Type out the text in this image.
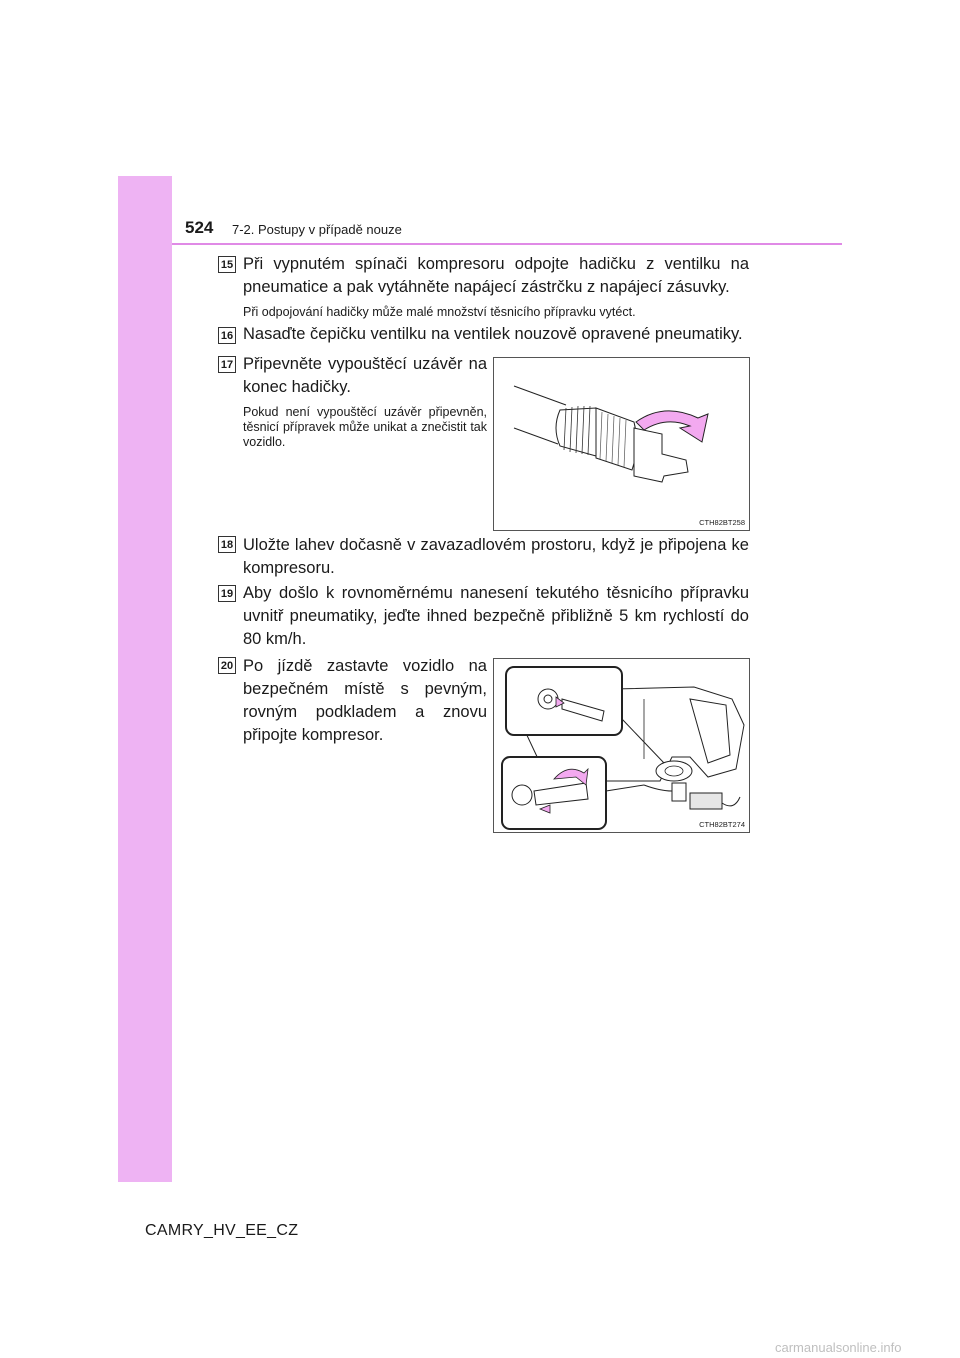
524 7-2. Postupy v případě nouze
15 Při vypnutém spínači kompresoru odpojte hadičku z ventilku na pneumatice a pak vytáhněte napájecí zástrčku z napájecí zásuvky.
Při odpojování hadičky může malé množství těsnicího přípravku vytéct.
16 Nasaďte čepičku ventilku na ventilek nouzově opravené pneumatiky.
17 Připevněte vypouštěcí uzávěr na konec hadičky.
Pokud není vypouštěcí uzávěr připevněn, těsnicí přípravek může unikat a znečistit tak vozidlo.
CTH82BT258
18 Uložte lahev dočasně v zavazadlovém prostoru, když je připojena ke kompresoru.
19 Aby došlo k rovnoměrnému nanesení tekutého těsnicího přípravku uvnitř pneumatiky, jeďte ihned bezpečně přibližně 5 km rychlostí do 80 km/h.
20 Po jízdě zastavte vozidlo na bezpečném místě s pevným, rovným podkladem a znovu připojte kompresor.
CTH82BT274
CAMRY_HV_EE_CZ
carmanualsonline.info
